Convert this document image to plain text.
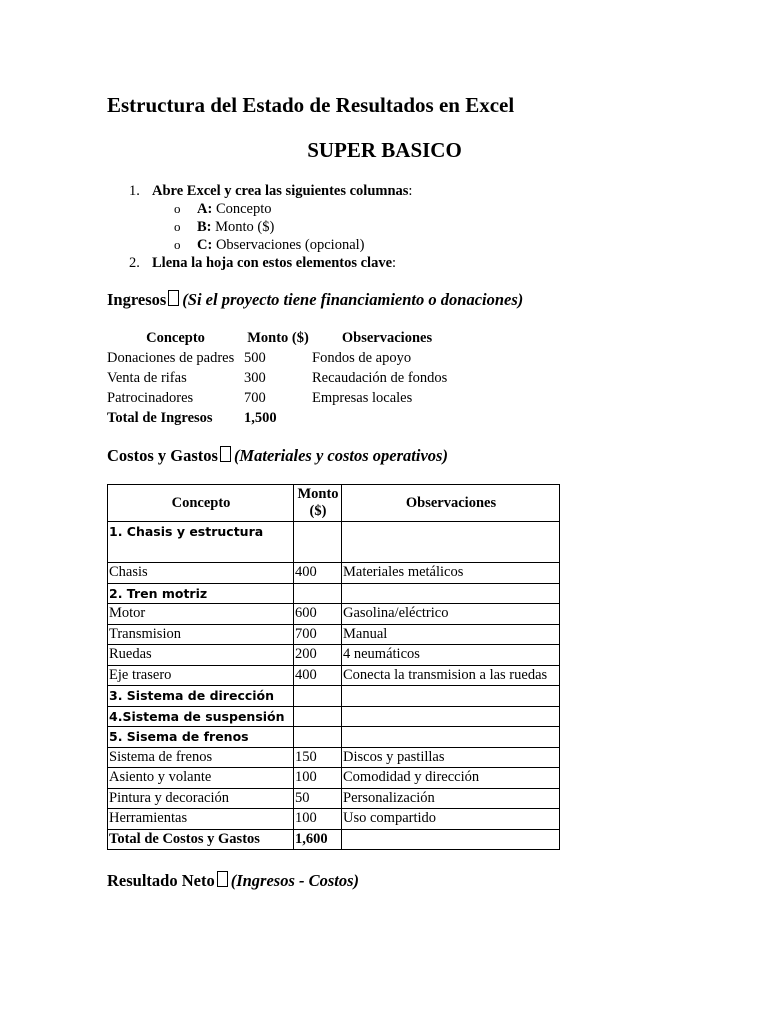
Estructura del Estado de Resultados en Excel
SUPER BASICO
1. Abre Excel y crea las siguientes columnas:
o A: Concepto
o B: Monto ($)
o C: Observaciones (opcional)
2. Llena la hoja con estos elementos clave:
Ingresos (Si el proyecto tiene financiamiento o donaciones)
Concepto	Monto ($)	Observaciones
Donaciones de padres	500	Fondos de apoyo
Venta de rifas	300	Recaudación de fondos
Patrocinadores	700	Empresas locales
Total de Ingresos	1,500	
Costos y Gastos (Materiales y costos operativos)
Concepto	Monto ($)	Observaciones
1. Chasis y estructura		
Chasis	400	Materiales metálicos
2. Tren motriz		
Motor	600	Gasolina/eléctrico
Transmision	700	Manual
Ruedas	200	4 neumáticos
Eje trasero	400	Conecta la transmision a las ruedas
3. Sistema de dirección		
4.Sistema de suspensión		
5. Sisema de frenos		
Sistema de frenos	150	Discos y pastillas
Asiento y volante	100	Comodidad y dirección
Pintura y decoración	50	Personalización
Herramientas	100	Uso compartido
Total de Costos y Gastos	1,600	
Resultado Neto (Ingresos - Costos)
